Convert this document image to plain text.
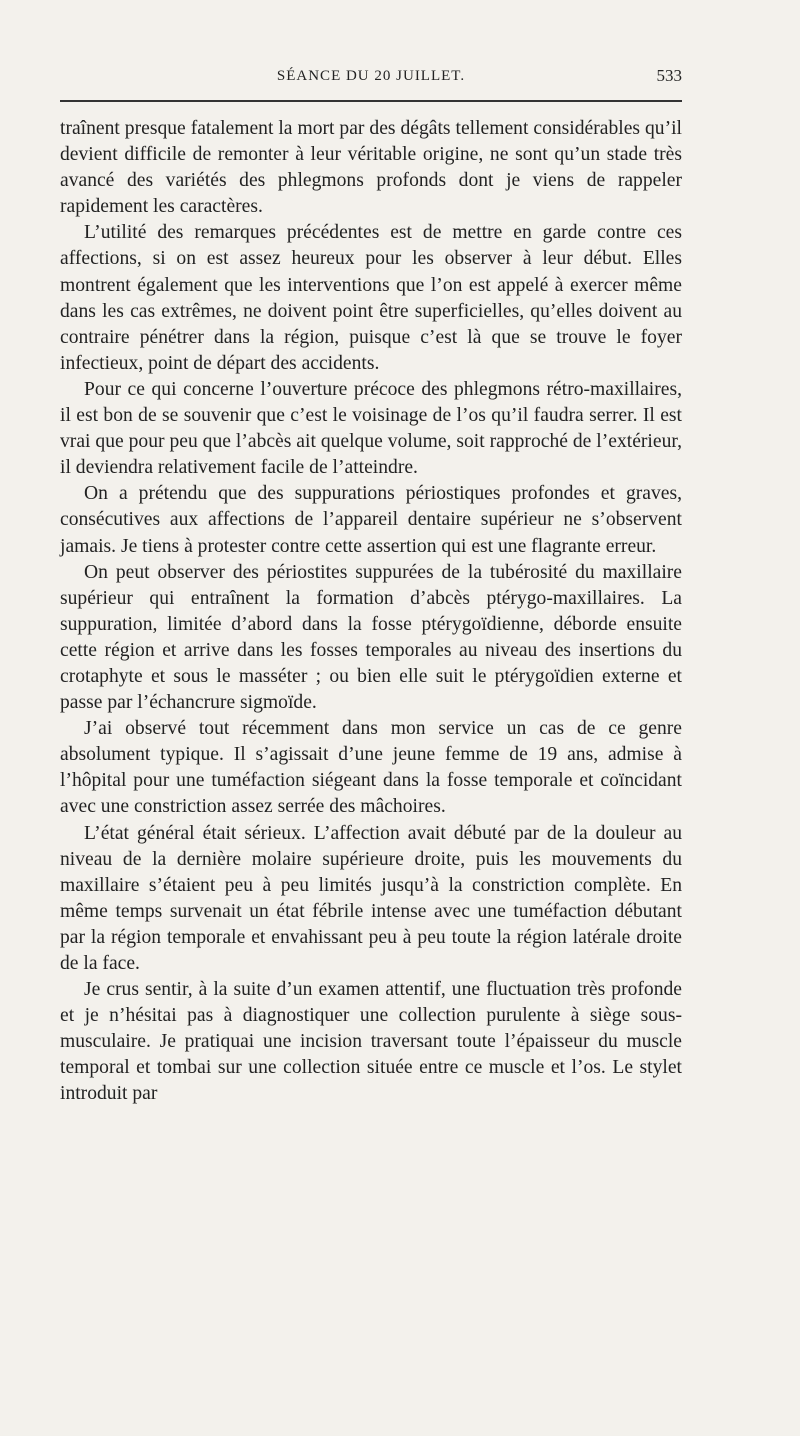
SÉANCE DU 20 JUILLET.	533

traînent presque fatalement la mort par des dégâts tellement considérables qu’il devient difficile de remonter à leur véritable origine, ne sont qu’un stade très avancé des variétés des phlegmons profonds dont je viens de rappeler rapidement les caractères.

L’utilité des remarques précédentes est de mettre en garde contre ces affections, si on est assez heureux pour les observer à leur début. Elles montrent également que les interventions que l’on est appelé à exercer même dans les cas extrêmes, ne doivent point être superficielles, qu’elles doivent au contraire pénétrer dans la région, puisque c’est là que se trouve le foyer infectieux, point de départ des accidents.

Pour ce qui concerne l’ouverture précoce des phlegmons rétro-maxillaires, il est bon de se souvenir que c’est le voisinage de l’os qu’il faudra serrer. Il est vrai que pour peu que l’abcès ait quelque volume, soit rapproché de l’extérieur, il deviendra relativement facile de l’atteindre.

On a prétendu que des suppurations périostiques profondes et graves, consécutives aux affections de l’appareil dentaire supérieur ne s’observent jamais. Je tiens à protester contre cette assertion qui est une flagrante erreur.

On peut observer des périostites suppurées de la tubérosité du maxillaire supérieur qui entraînent la formation d’abcès ptérygo-maxillaires. La suppuration, limitée d’abord dans la fosse ptérygoïdienne, déborde ensuite cette région et arrive dans les fosses temporales au niveau des insertions du crotaphyte et sous le masséter ; ou bien elle suit le ptérygoïdien externe et passe par l’échancrure sigmoïde.

J’ai observé tout récemment dans mon service un cas de ce genre absolument typique. Il s’agissait d’une jeune femme de 19 ans, admise à l’hôpital pour une tuméfaction siégeant dans la fosse temporale et coïncidant avec une constriction assez serrée des mâchoires.

L’état général était sérieux. L’affection avait débuté par de la douleur au niveau de la dernière molaire supérieure droite, puis les mouvements du maxillaire s’étaient peu à peu limités jusqu’à la constriction complète. En même temps survenait un état fébrile intense avec une tuméfaction débutant par la région temporale et envahissant peu à peu toute la région latérale droite de la face.

Je crus sentir, à la suite d’un examen attentif, une fluctuation très profonde et je n’hésitai pas à diagnostiquer une collection purulente à siège sous-musculaire. Je pratiquai une incision traversant toute l’épaisseur du muscle temporal et tombai sur une collection située entre ce muscle et l’os. Le stylet introduit par
